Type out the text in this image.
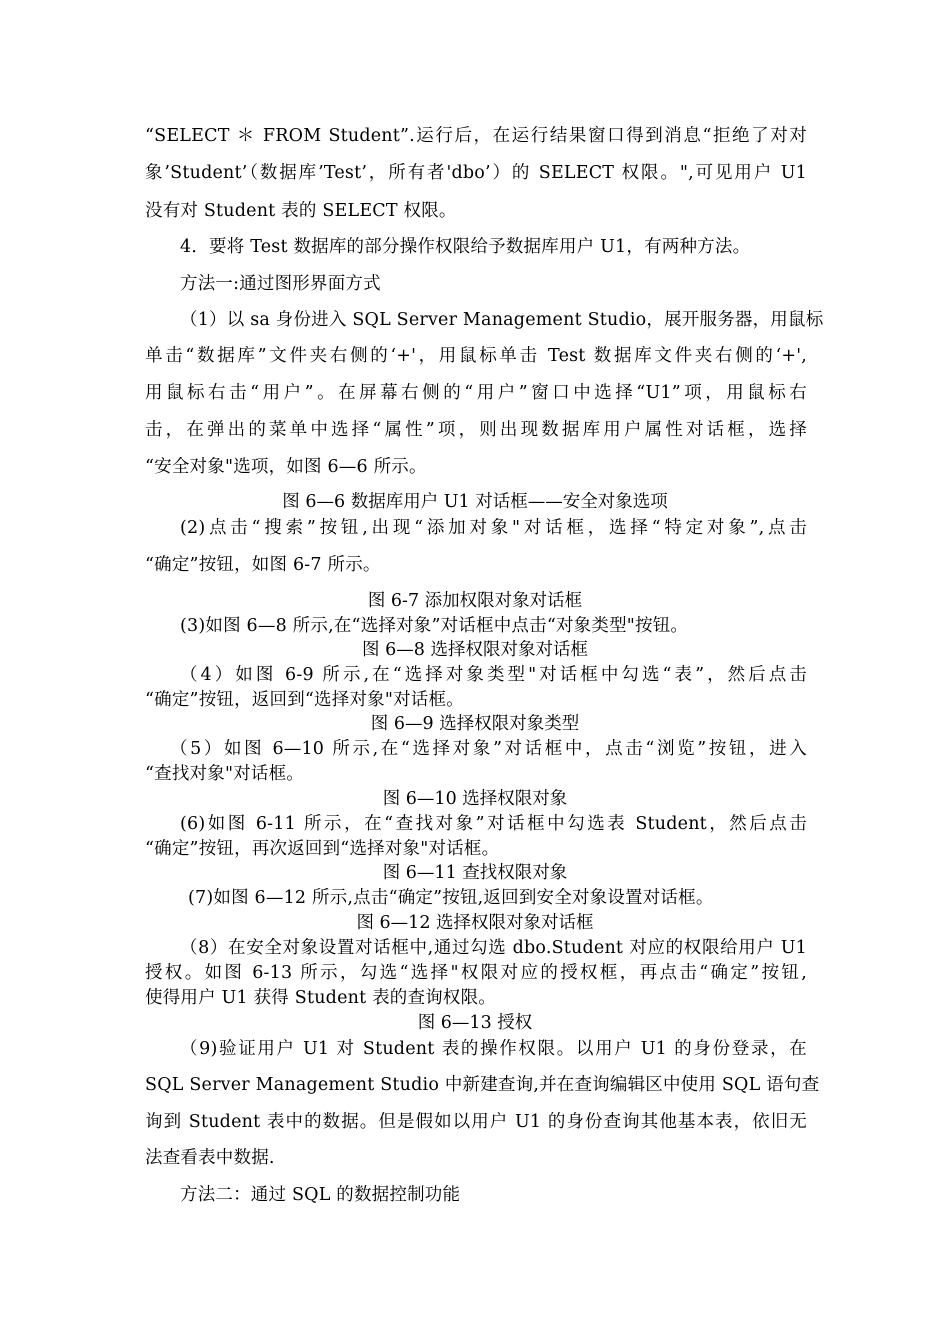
“SELECT ＊ FROM Student”.运行后，在运行结果窗口得到消息“拒绝了对对
象’Student’（数据库’Test’，所有者'dbo’）的 SELECT 权限。",可见用户 U1
没有对 Student 表的 SELECT 权限。
4．要将 Test 数据库的部分操作权限给予数据库用户 U1，有两种方法。
方法一:通过图形界面方式
（1）以 sa 身份进入 SQL Server Management Studio，展开服务器，用鼠标
单击“数据库”文件夹右侧的‘+'，用鼠标单击 Test 数据库文件夹右侧的‘+',
用鼠标右击“用户”。在屏幕右侧的“用户”窗口中选择“U1”项，用鼠标右
击，在弹出的菜单中选择“属性”项，则出现数据库用户属性对话框，选择
“安全对象"选项，如图 6—6 所示。
图 6—6 数据库用户 U1 对话框——安全对象选项
(2)点击“搜索”按钮,出现“添加对象"对话框，选择“特定对象”,点击
“确定”按钮，如图 6-7 所示。
图 6-7 添加权限对象对话框
(3)如图 6—8 所示,在“选择对象”对话框中点击“对象类型"按钮。
图 6—8 选择权限对象对话框
（4）如图 6-9 所示,在“选择对象类型"对话框中勾选“表”，然后点击
“确定”按钮，返回到“选择对象"对话框。
图 6—9 选择权限对象类型
（5）如图 6—10 所示,在“选择对象”对话框中，点击“浏览”按钮，进入
“查找对象"对话框。
图 6—10 选择权限对象
(6)如图 6-11 所示，在“查找对象”对话框中勾选表 Student，然后点击
“确定”按钮，再次返回到“选择对象"对话框。
图 6—11 查找权限对象
(7)如图 6—12 所示,点击“确定”按钮,返回到安全对象设置对话框。
图 6—12 选择权限对象对话框
（8）在安全对象设置对话框中,通过勾选 dbo.Student 对应的权限给用户 U1
授权。如图 6-13 所示，勾选“选择"权限对应的授权框，再点击“确定”按钮,
使得用户 U1 获得 Student 表的查询权限。
图 6—13 授权
（9)验证用户 U1 对 Student 表的操作权限。以用户 U1 的身份登录，在
SQL Server Management Studio 中新建查询,并在查询编辑区中使用 SQL 语句查
询到 Student 表中的数据。但是假如以用户 U1 的身份查询其他基本表，依旧无
法查看表中数据.
方法二：通过 SQL 的数据控制功能
